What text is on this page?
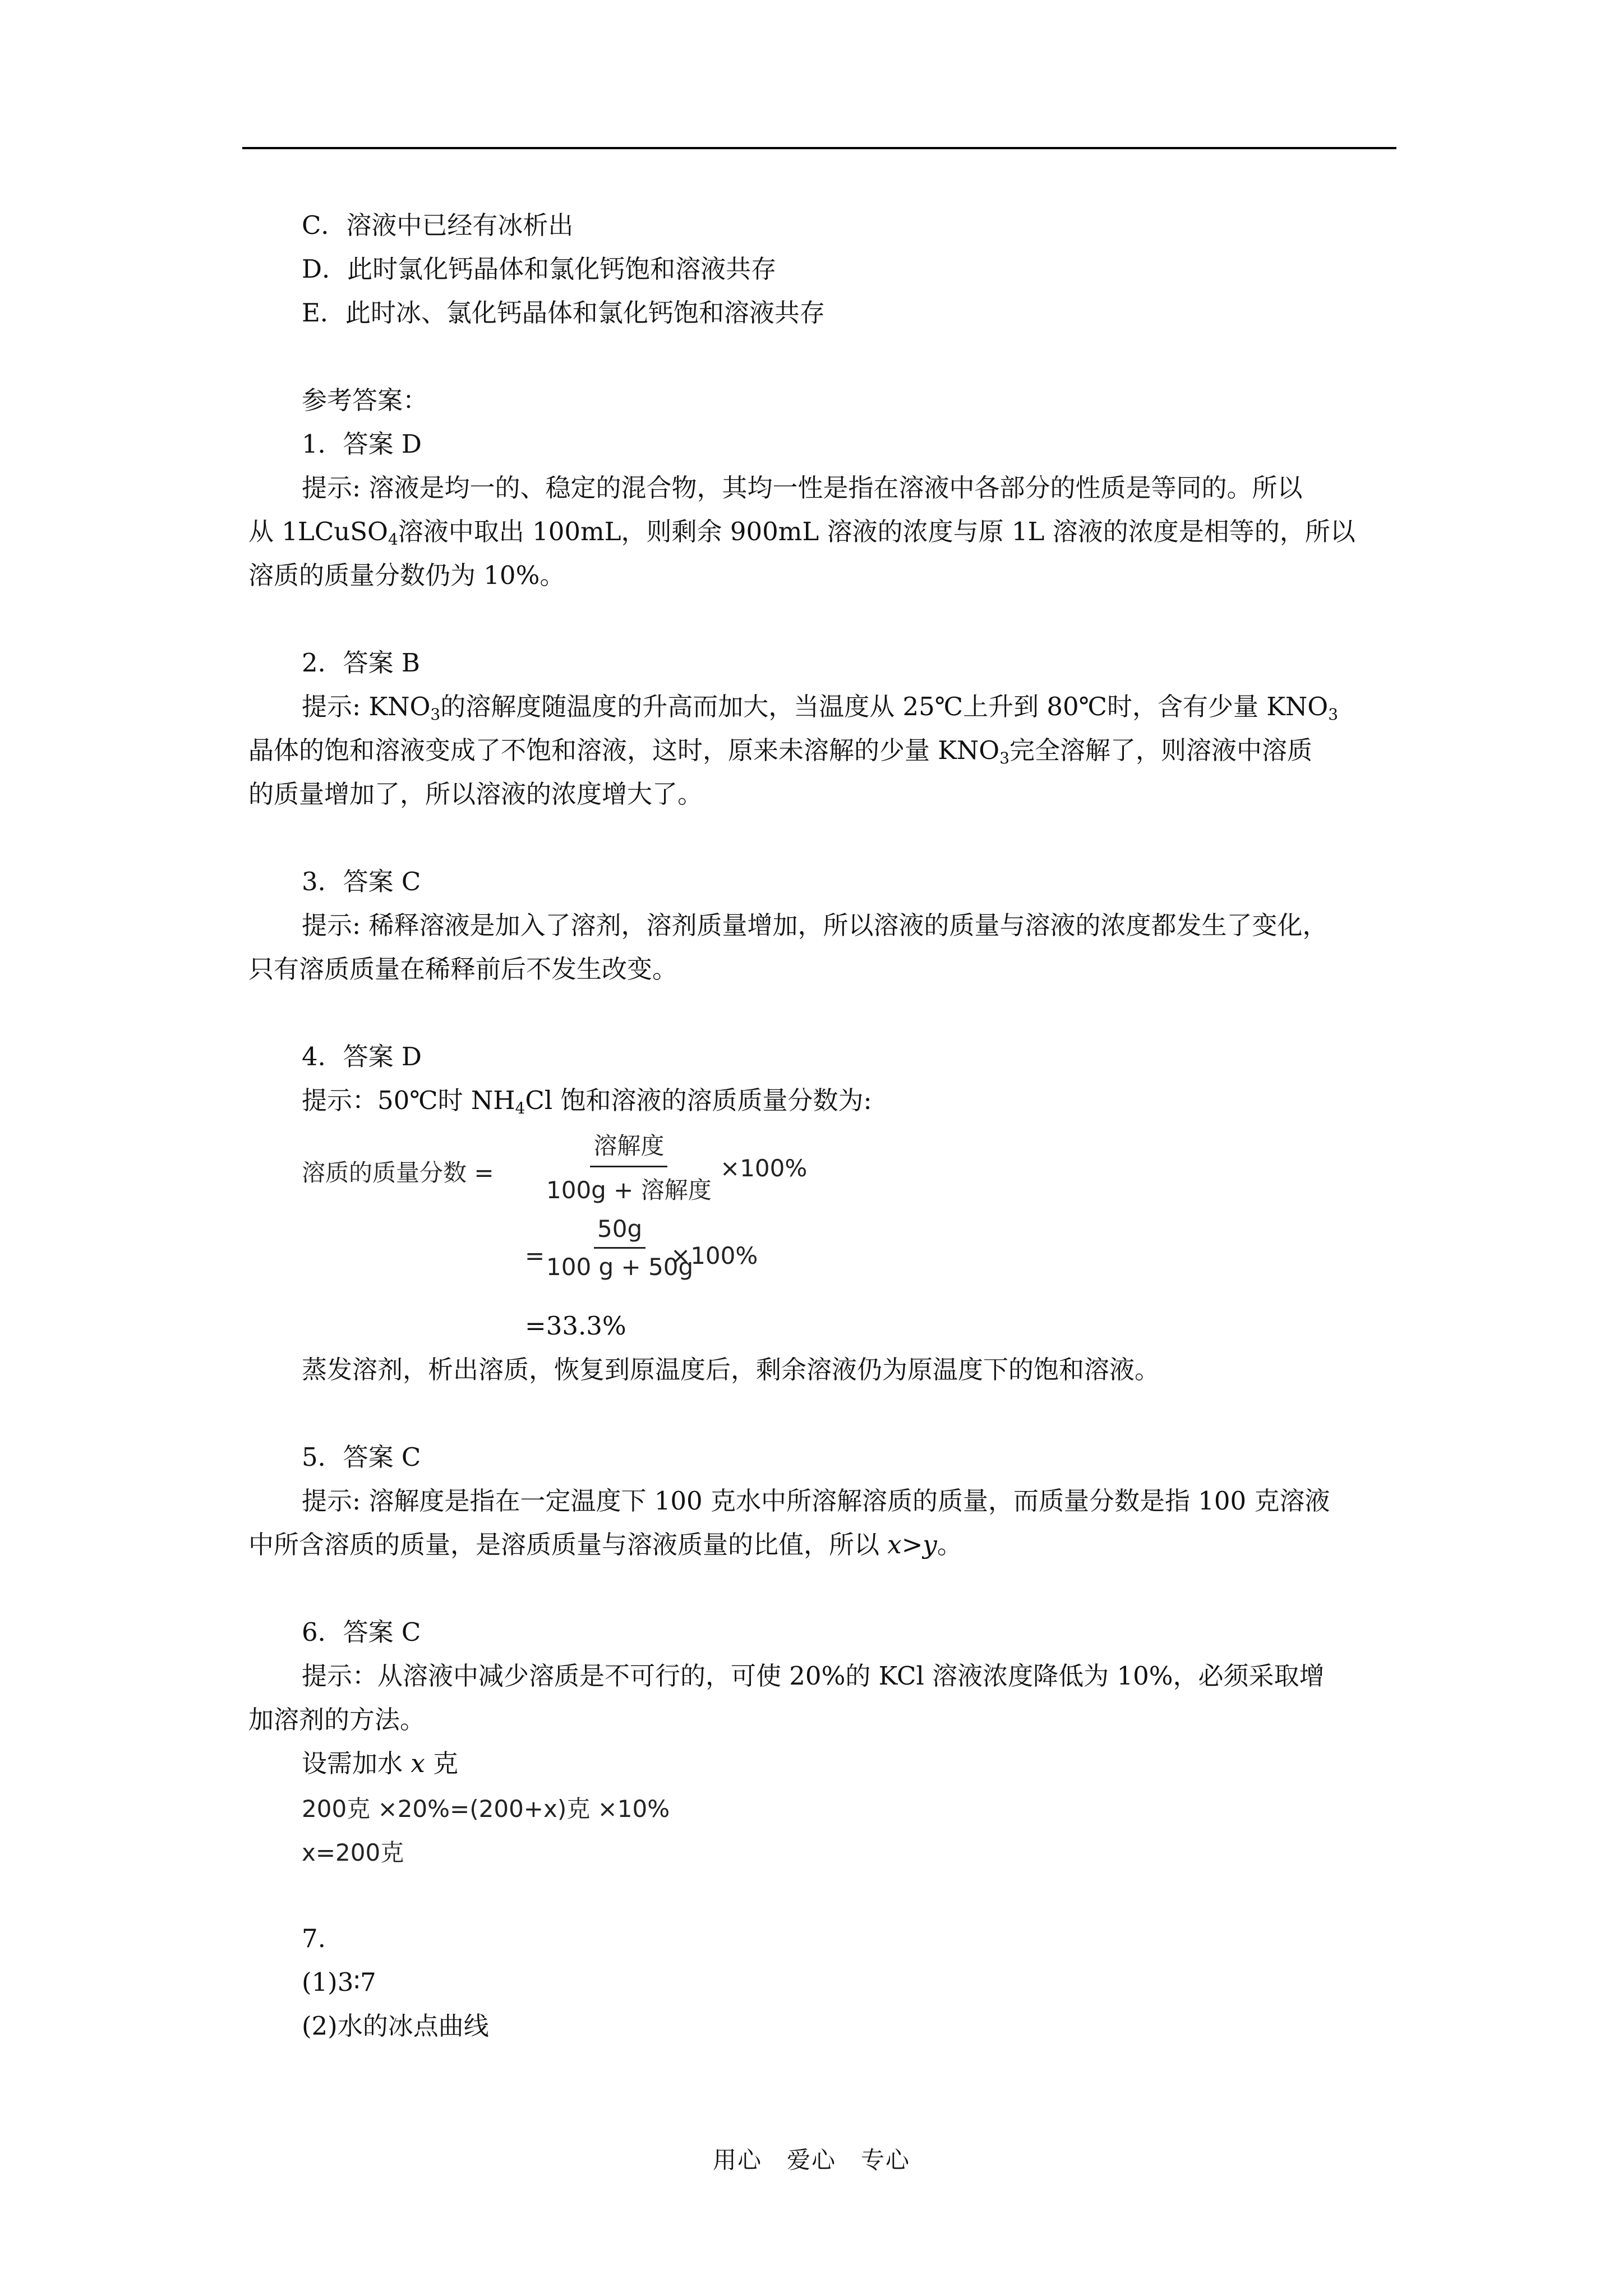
C．溶液中已经有冰析出
D．此时氯化钙晶体和氯化钙饱和溶液共存
E．此时冰、氯化钙晶体和氯化钙饱和溶液共存
参考答案：
1．答案 D
提示: 溶液是均一的、稳定的混合物，其均一性是指在溶液中各部分的性质是等同的。所以
从 1LCuSO$_4$溶液中取出 100mL，则剩余 900mL 溶液的浓度与原 1L 溶液的浓度是相等的，所以
溶质的质量分数仍为 10%。
2．答案 B
提示: $KNO_3$的溶解度随温度的升高而加大，当温度从 25℃上升到 80℃时，含有少量 $KNO_3$
晶体的饱和溶液变成了不饱和溶液，这时，原来未溶解的少量 $KNO_3$完全溶解了，则溶液中溶质
的质量增加了，所以溶液的浓度增大了。
3．答案 C
提示: 稀释溶液是加入了溶剂，溶剂质量增加，所以溶液的质量与溶液的浓度都发生了变化，
只有溶质质量在稀释前后不发生改变。
4．答案 D
提示：50℃时 $NH_4Cl$ 饱和溶液的溶质质量分数为:
溶质的质量分数 =
溶解度
100g + 溶解度
×100%
=
$\frac{50g}{100 g + 50g}$
×100%
=33.3%
蒸发溶剂，析出溶质，恢复到原温度后，剩余溶液仍为原温度下的饱和溶液。
5．答案 C
提示: 溶解度是指在一定温度下 100 克水中所溶解溶质的质量，而质量分数是指 100 克溶液
中所含溶质的质量，是溶质质量与溶液质量的比值，所以 x>y。
6．答案 C
提示：从溶液中减少溶质是不可行的，可使 20%的 KCl 溶液浓度降低为 10%，必须采取增
加溶剂的方法。
设需加水 x 克
200克 ×20%=(200+x)克 ×10%
x=200克
7.
(1)3∶7
(2)水的冰点曲线
用心　爱心　专心
